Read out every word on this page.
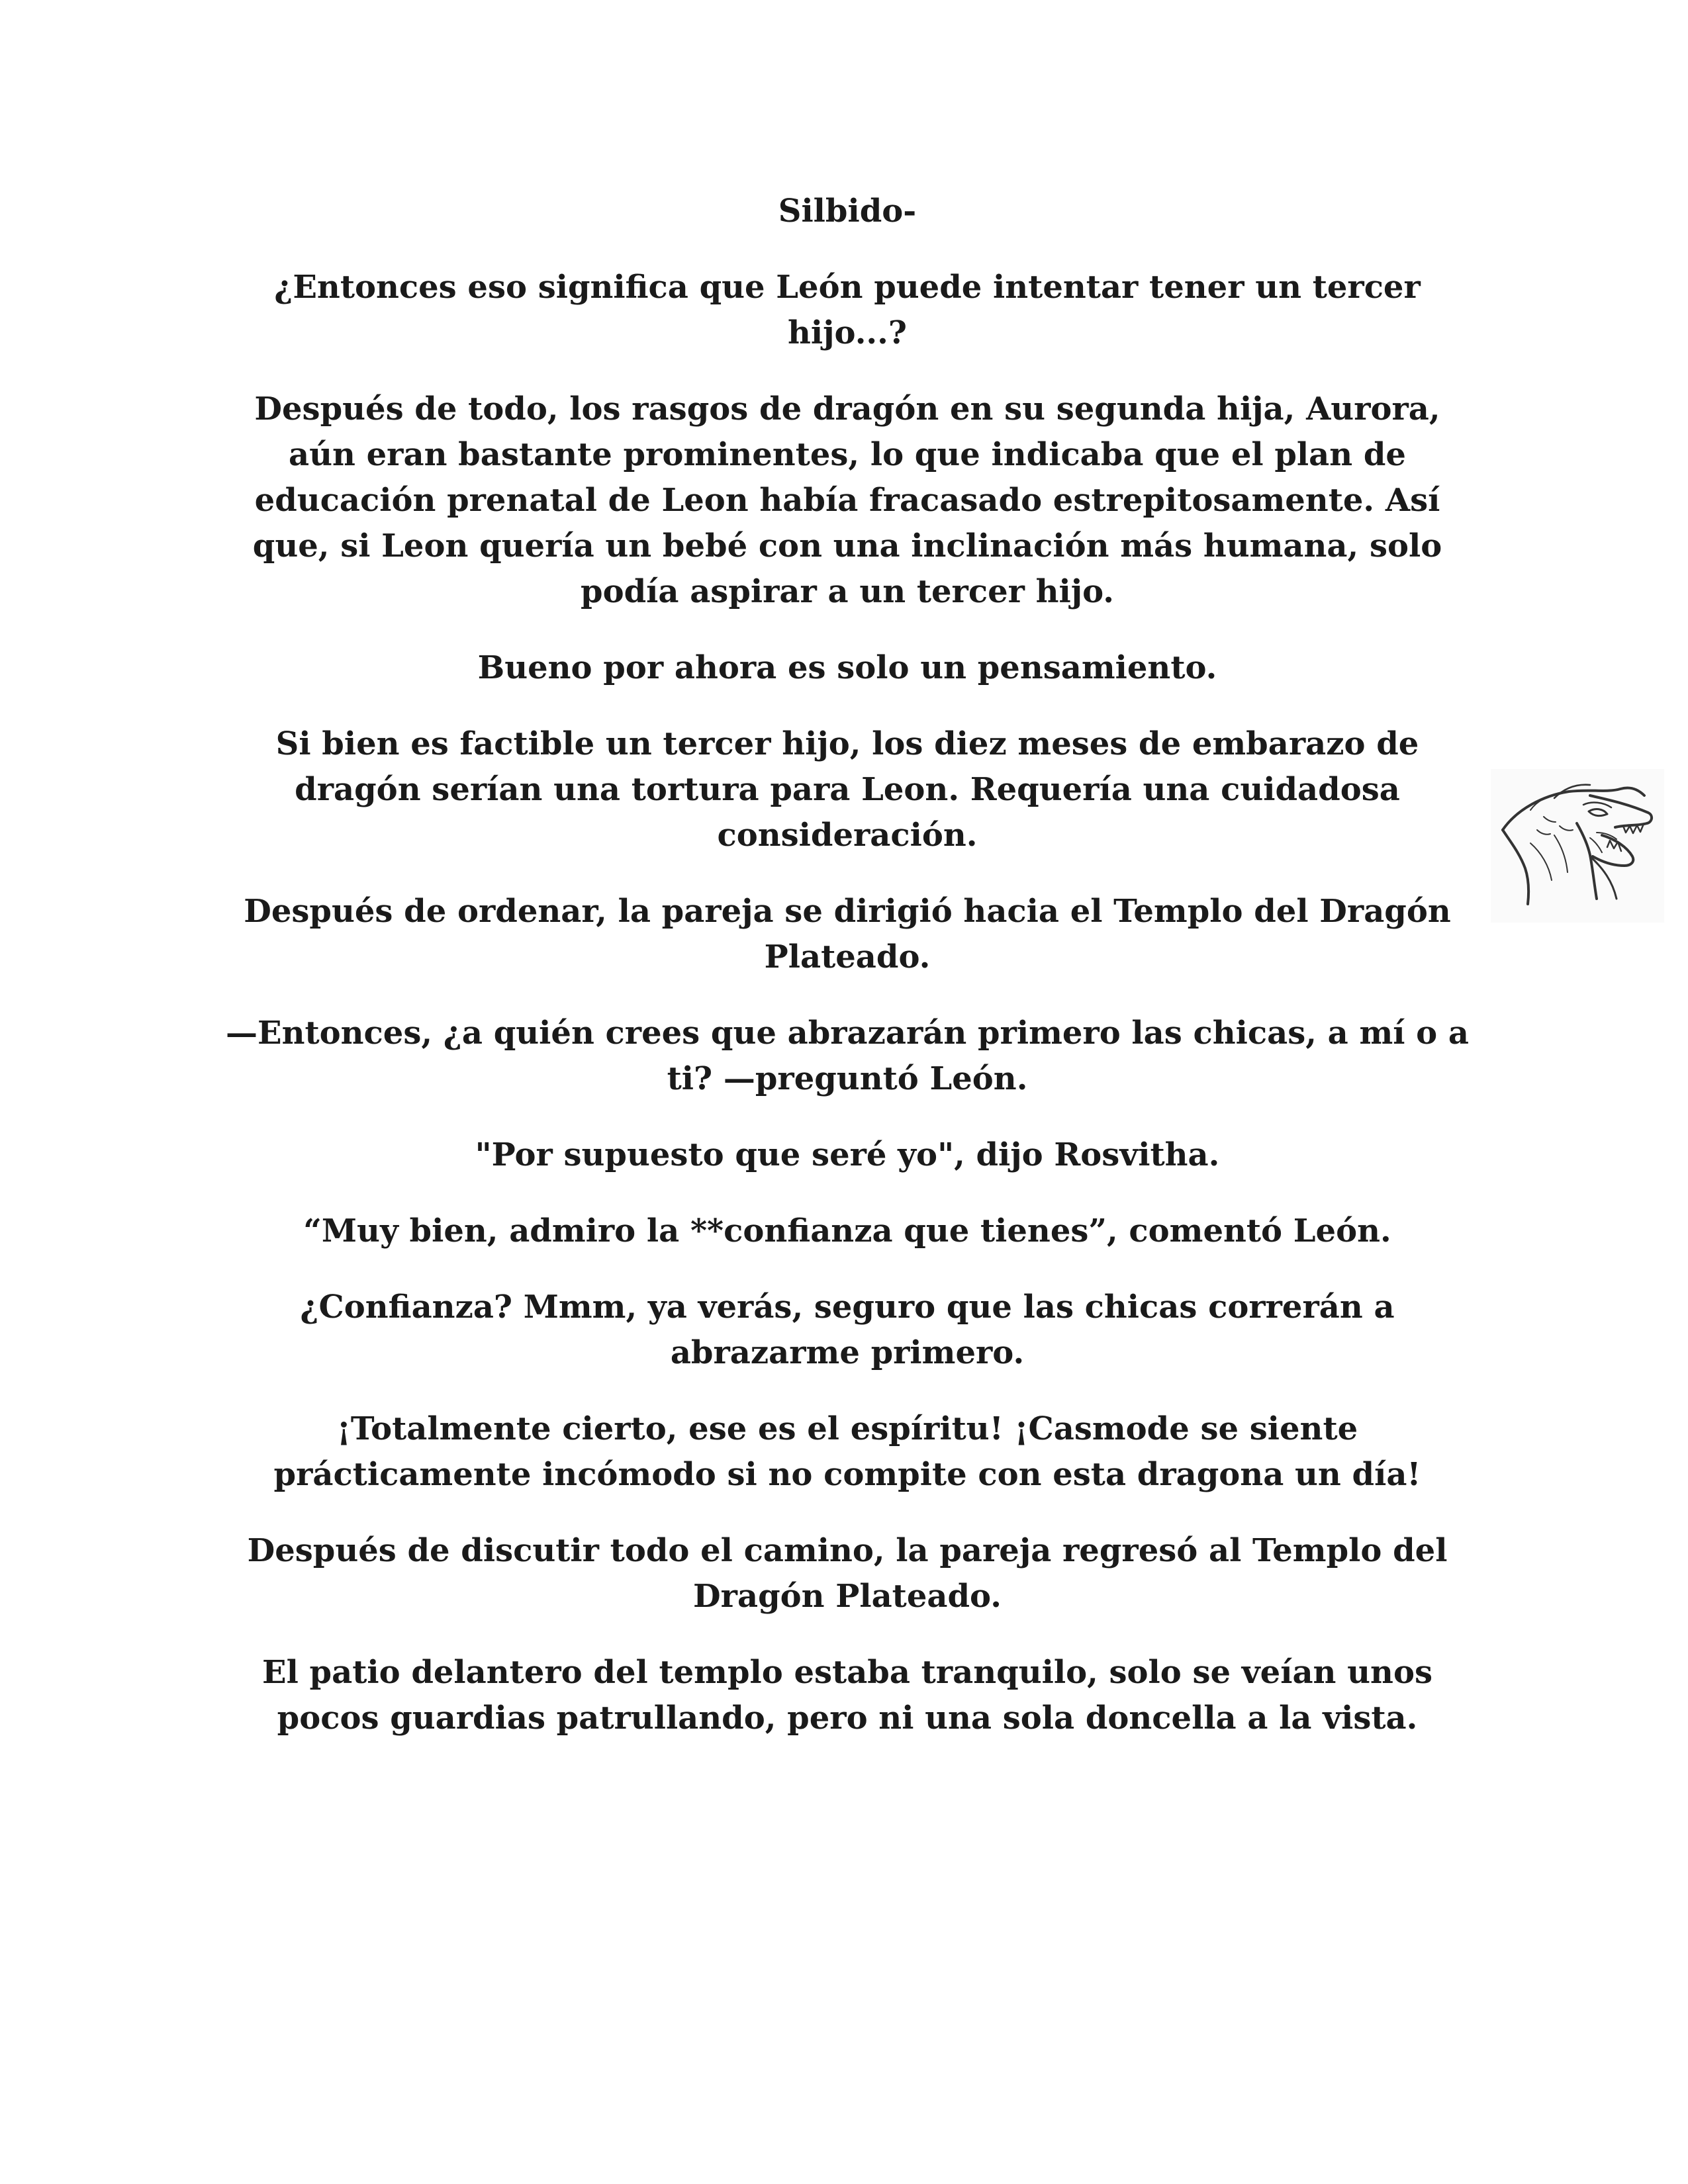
Silbido-

¿Entonces eso significa que León puede intentar tener un tercer hijo...?

Después de todo, los rasgos de dragón en su segunda hija, Aurora, aún eran bastante prominentes, lo que indicaba que el plan de educación prenatal de Leon había fracasado estrepitosamente. Así que, si Leon quería un bebé con una inclinación más humana, solo podía aspirar a un tercer hijo.

Bueno por ahora es solo un pensamiento.

Si bien es factible un tercer hijo, los diez meses de embarazo de dragón serían una tortura para Leon. Requería una cuidadosa consideración.

Después de ordenar, la pareja se dirigió hacia el Templo del Dragón Plateado.

—Entonces, ¿a quién crees que abrazarán primero las chicas, a mí o a ti? —preguntó León.

"Por supuesto que seré yo", dijo Rosvitha.

“Muy bien, admiro la **confianza que tienes”, comentó León.

¿Confianza? Mmm, ya verás, seguro que las chicas correrán a abrazarme primero.

¡Totalmente cierto, ese es el espíritu! ¡Casmode se siente prácticamente incómodo si no compite con esta dragona un día!

Después de discutir todo el camino, la pareja regresó al Templo del Dragón Plateado.

El patio delantero del templo estaba tranquilo, solo se veían unos pocos guardias patrullando, pero ni una sola doncella a la vista.
